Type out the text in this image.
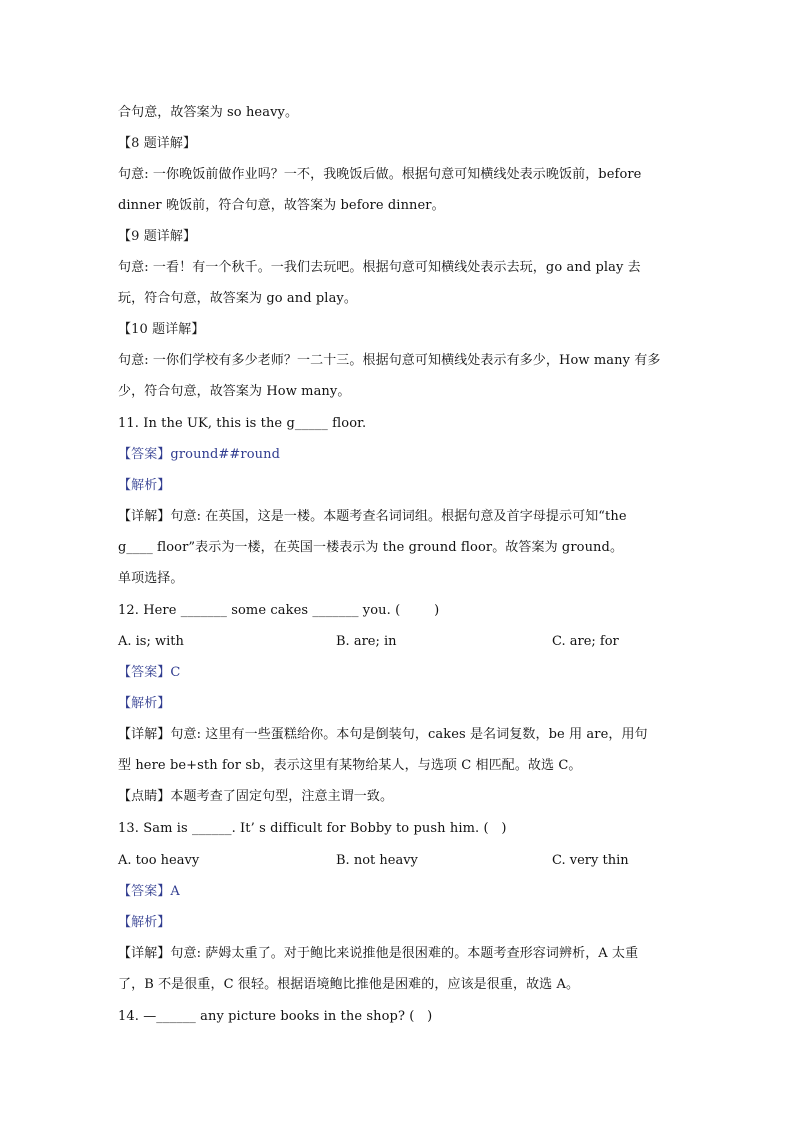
合句意，故答案为 so heavy。
【8 题详解】
句意: 一你晚饭前做作业吗？一不，我晚饭后做。根据句意可知横线处表示晚饭前，before
dinner 晚饭前，符合句意，故答案为 before dinner。
【9 题详解】
句意: 一看！有一个秋千。一我们去玩吧。根据句意可知横线处表示去玩，go and play 去
玩，符合句意，故答案为 go and play。
【10 题详解】
句意: 一你们学校有多少老师？一二十三。根据句意可知横线处表示有多少，How many 有多
少，符合句意，故答案为 How many。
11. In the UK, this is the g_____ floor.
【答案】ground##round
【解析】
【详解】句意: 在英国，这是一楼。本题考查名词词组。根据句意及首字母提示可知“the
g____ floor”表示为一楼，在英国一楼表示为 the ground floor。故答案为 ground。
单项选择。
12. Here _______ some cakes _______ you. (        )
A. is; with	B. are; in	C. are; for
【答案】C
【解析】
【详解】句意: 这里有一些蛋糕给你。本句是倒装句，cakes 是名词复数，be 用 are，用句
型 here be+sth for sb，表示这里有某物给某人，与选项 C 相匹配。故选 C。
【点睛】本题考查了固定句型，注意主谓一致。
13. Sam is ______. It’ s difficult for Bobby to push him. (   )
A. too heavy	B. not heavy	C. very thin
【答案】A
【解析】
【详解】句意: 萨姆太重了。对于鲍比来说推他是很困难的。本题考查形容词辨析，A 太重
了，B 不是很重，C 很轻。根据语境鲍比推他是困难的，应该是很重，故选 A。
14. —______ any picture books in the shop? (   )
